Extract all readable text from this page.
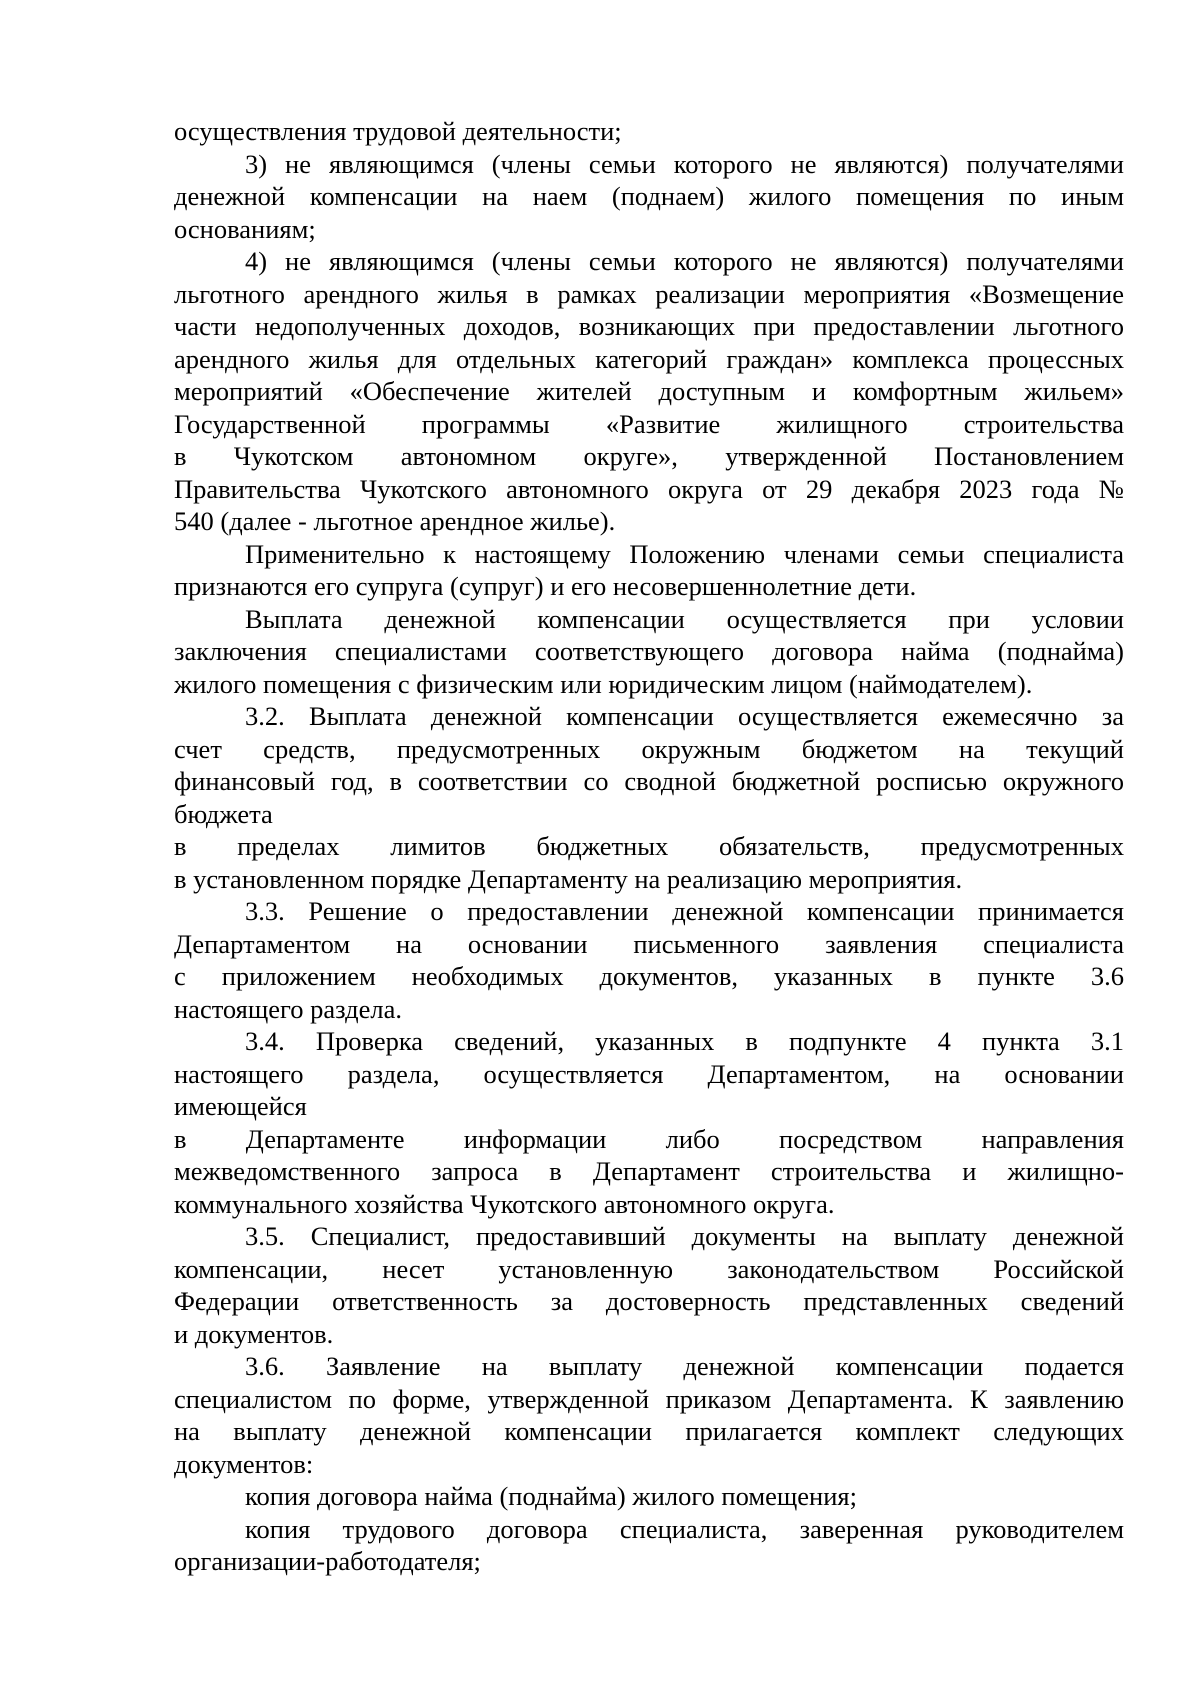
осуществления трудовой деятельности;
3) не являющимся (члены семьи которого не являются) получателями
денежной компенсации на наем (поднаем) жилого помещения по иным
основаниям;
4) не являющимся (члены семьи которого не являются) получателями
льготного арендного жилья в рамках реализации мероприятия «Возмещение
части недополученных доходов, возникающих при предоставлении льготного
арендного жилья для отдельных категорий граждан» комплекса процессных
мероприятий «Обеспечение жителей доступным и комфортным жильем»
Государственной программы «Развитие жилищного строительства
в Чукотском автономном округе», утвержденной Постановлением
Правительства Чукотского автономного округа от 29 декабря 2023 года №
540 (далее - льготное арендное жилье).
Применительно к настоящему Положению членами семьи специалиста
признаются его супруга (супруг) и его несовершеннолетние дети.
Выплата денежной компенсации осуществляется при условии
заключения специалистами соответствующего договора найма (поднайма)
жилого помещения с физическим или юридическим лицом (наймодателем).
3.2. Выплата денежной компенсации осуществляется ежемесячно за
счет средств, предусмотренных окружным бюджетом на текущий
финансовый год, в соответствии со сводной бюджетной росписью окружного
бюджета
в пределах лимитов бюджетных обязательств, предусмотренных
в установленном порядке Департаменту на реализацию мероприятия.
3.3. Решение о предоставлении денежной компенсации принимается
Департаментом на основании письменного заявления специалиста
с приложением необходимых документов, указанных в пункте 3.6
настоящего раздела.
3.4. Проверка сведений, указанных в подпункте 4 пункта 3.1
настоящего раздела, осуществляется Департаментом, на основании
имеющейся
в Департаменте информации либо посредством направления
межведомственного запроса в Департамент строительства и жилищно-
коммунального хозяйства Чукотского автономного округа.
3.5. Специалист, предоставивший документы на выплату денежной
компенсации, несет установленную законодательством Российской
Федерации ответственность за достоверность представленных сведений
и документов.
3.6. Заявление на выплату денежной компенсации подается
специалистом по форме, утвержденной приказом Департамента. К заявлению
на выплату денежной компенсации прилагается комплект следующих
документов:
копия договора найма (поднайма) жилого помещения;
копия трудового договора специалиста, заверенная руководителем
организации-работодателя;
